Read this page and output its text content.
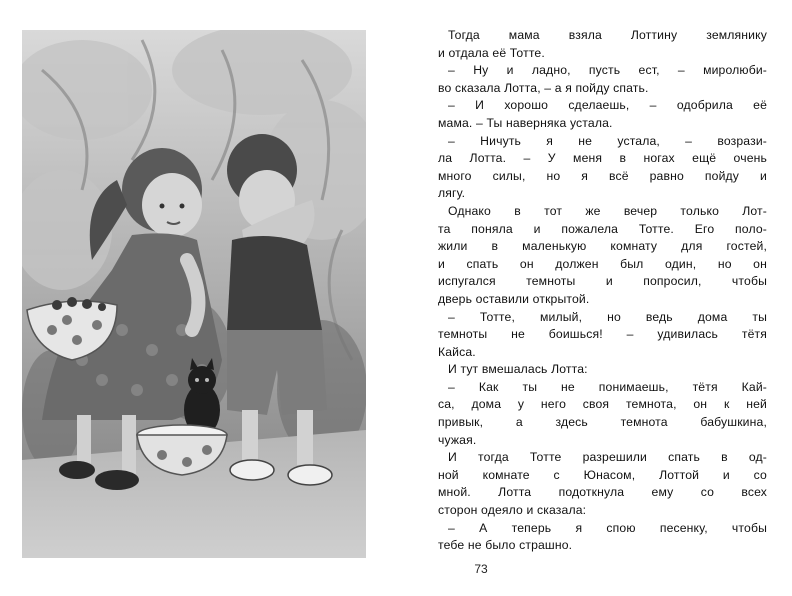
Тогда мама взяла Лоттину землянику
и отдала её Тотте.

– Ну и ладно, пусть ест, – миролюби-
во сказала Лотта, – а я пойду спать.

– И хорошо сделаешь, – одобрила её
мама. – Ты наверняка устала.

– Ничуть я не устала, – возрази-
ла Лотта. – У меня в ногах ещё очень
много силы, но я всё равно пойду и
лягу.

Однако в тот же вечер только Лот-
та поняла и пожалела Тотте. Его поло-
жили в маленькую комнату для гостей,
и спать он должен был один, но он
испугался темноты и попросил, чтобы
дверь оставили открытой.

– Тотте, милый, но ведь дома ты
темноты не боишься! – удивилась тётя
Кайса.

И тут вмешалась Лотта:

– Как ты не понимаешь, тётя Кай-
са, дома у него своя темнота, он к ней
привык, а здесь темнота бабушкина,
чужая.

И тогда Тотте разрешили спать в од-
ной комнате с Юнасом, Лоттой и со
мной. Лотта подоткнула ему со всех
сторон одеяло и сказала:

– А теперь я спою песенку, чтобы
тебе не было страшно.

73
